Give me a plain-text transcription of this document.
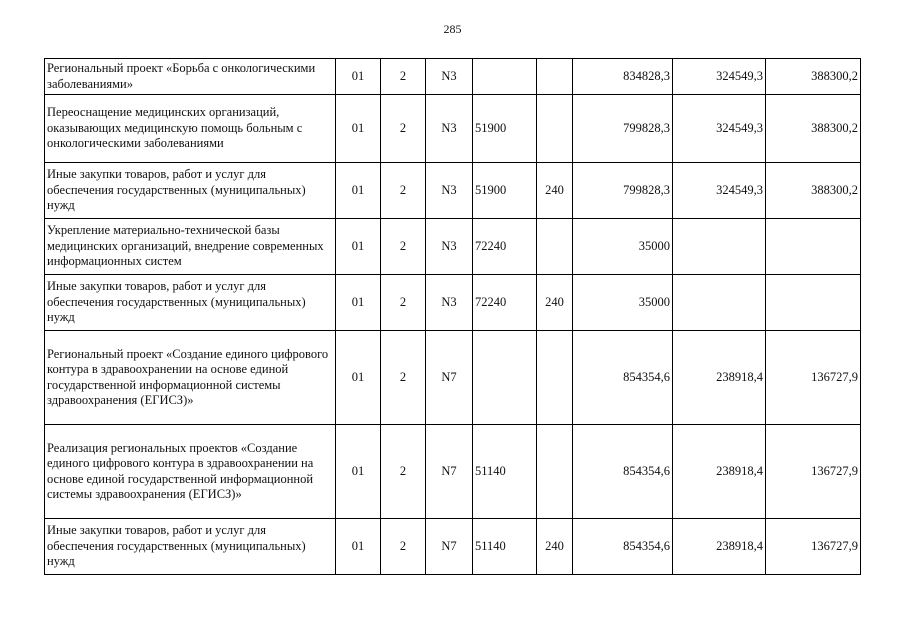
285
Региональный проект «Борьба с онкологическими заболеваниями»	01	2	N3			834828,3	324549,3	388300,2
Переоснащение медицинских организаций, оказывающих медицинскую помощь больным с онкологическими заболеваниями	01	2	N3	51900		799828,3	324549,3	388300,2
Иные закупки товаров, работ и услуг для обеспечения государственных (муниципальных) нужд	01	2	N3	51900	240	799828,3	324549,3	388300,2
Укрепление материально-технической базы медицинских организаций, внедрение современных информационных систем	01	2	N3	72240		35000		
Иные закупки товаров, работ и услуг для обеспечения государственных (муниципальных) нужд	01	2	N3	72240	240	35000		
Региональный проект «Создание единого цифрового контура в здравоохранении на основе единой государственной информационной системы здравоохранения (ЕГИСЗ)»	01	2	N7			854354,6	238918,4	136727,9
Реализация региональных проектов «Создание единого цифрового контура в здравоохранении на основе единой государственной информационной системы здравоохранения (ЕГИСЗ)»	01	2	N7	51140		854354,6	238918,4	136727,9
Иные закупки товаров, работ и услуг для обеспечения государственных (муниципальных) нужд	01	2	N7	51140	240	854354,6	238918,4	136727,9
